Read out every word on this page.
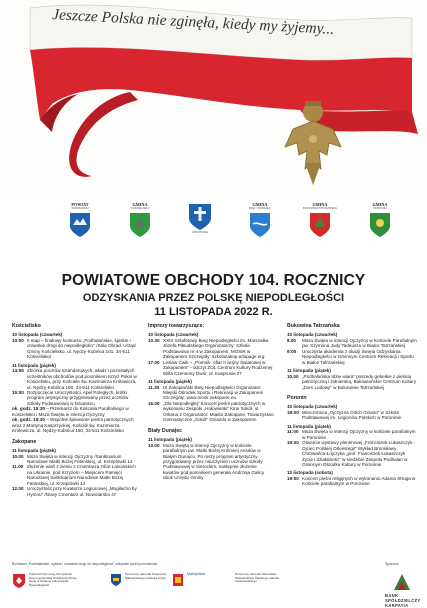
Jeszcze Polska nie zginęła, kiedy my żyjemy...
POWIAT
TATRZAŃSKI
GMINA
KOŚCIELISKO
ZAKOPIANE
GMINA
BIAŁY DUNAJEC
GMINA
BUKOWINA TATRZAŃSKA
GMINA
PORONIN
POWIATOWE OBCHODY 104. ROCZNICY
ODZYSKANIA PRZEZ POLSKĘ NIEPODLEGŁOŚCI
11 LISTOPADA 2022 R.
Kościelisko
10 listopada (czwartek)
10:00 II etap – finałowy konkursu „Podhalańskie, śpiskie i orawskie drogi do niepodległości” /Sala Obrad, Urząd Gminy Kościelisko, ul. Nędzy-Kubińca 101, 34-511 Kościelisko/
11 listopada (piątek)
14:55 Zbiórka pocztów sztandarowych, władz i pozostałych uczestników obchodów pod pomnikiem Krzyż Pokoi w Kościelisku, przy Kościele św. Kazimierza Królewicza, ul. Nędzy-Kubińca 150, 34-511 Kościelisko
15:00 Rozpoczęcie Uroczystości, Apel Poległych, krótki program artystyczny przygotowany przez uczniów Szkoły Podstawowej w Dzianiszu
ok. godz. 15:30 – Przemarsz do Kościoła Parafialnego w Kościelisku i Msza Święta w intencji Ojczyzny
ok. godz. 16:30 – Wspólne śpiewanie pieśni patriotycznych wraz z Martyną Kasprzyckiej, Kościół św. Kazimierza Królewicza, ul. Nędzy-Kubińca 150, 34-511 Kościelisko
Zakopane
11 listopada (piątek)
10.00 Msza Święta w intencji Ojczyzny /Sanktuarium Narodowe Matki Bożej Fatimskiej, ul. Krzeptówki 14
11.00 Złożenie wiań z zieniu z Cmentarza Ofiar Lanowskich na Ukrainie, pod Krzyżem – Miejscem Pamięci Narodowej Sanktuarium Narodowe Matki Bożej Fatimskiej, ul. Krzeptówki 14
12.00 Uroczystość przy Kwaterze Legionowej „Mogiłacho by Hymnu” /Nowy Cmentarz ul. Nowotarska 47
Imprezy towarzyszące:
10 listopada (czwartek)
10.30 XXIX Sztafetowy Bieg Niepodległości im. Marszałka Józefa Piłsudskiego Organizatorzy: Szkoła Podstawowa nr 4 w Zakopanem, MOSiR w Zakopanem Szczegóły: szkolazakop.edupage.org
17.00 Leslaw Ćwik – „Pomnik. ofiar II wojny Światowej w Zakopanem” - odczyt ZOL Centrum Kultury Rodzinnej Willa Czerwony Dwór, ul. Kasprusie 27
11 listopada (piątek)
11.30 IX Zakopiański Bieg Niepodległości Organizator: Miejski Ośrodek Sportu i Rekreacji w Zakopanem Szczegóły: www.mosir.zakopane.eu
16.00 „Dla Niepodległej” Koncert pieśni patriotycznych w wykonaniu Zespołu „Hołowianki” Kino Sokół, ul. Orkana 2 Organizator: Miasto Zakopane, Towarzystwo Gimnastyczne „Sokół” Gniazdo w Zakopanem
Biały Dunajec
11 listopada (piątek)
10.00 Msza Święta w intencji Ojczyzny w kościele parafialnym pw. Matki Bożej Królowej Aniołów w Białym Dunajcu. Po mszy program artystyczny przygotowany przez nauczycieli i uczniów Szkoły Podstawowej w Sierockim, następnie złożenie kwiatów pod pomnikiem generała Andrzeja Galicy obok Urzędu Gminy
Bukowina Tatrzańska
10 listopada (czwartek)
8.00	Msza Święta w intencji Ojczyzny w Kościele Parafialnym pw. Szymona Judy Tadeusza w Białce Tatrzańskiej
9:00	Uroczysta akademia z okazji Święta Odzyskania Niepodległości w Gminnym Centrum Rekreacji i Sportu w Białce Tatrzańskiej
11 listopada (piątek)
10.00 „Podhalańska Idzie wiara” poszedy gebelkie z pieśnią patriotyczną i żołnierską, Bukowiańskie Centrum Kultury „Dom Ludowy” w Bukowinie Tatrzańskiej
Poronin
10 listopada (czwartek)
18:00 Wieczornica „Ojczyzna Orlich Gniazd” w Szkole Podstawowej im. Legionów Polskich w Poroninie
11 listopada (piątek)
11:00 Msza Święta w intencji Ojczyzny w kościele parafialnym w Poroninie
19:00 Otwarcie wystawy plenerowej „Franciszek Łukaszczyk - Ojciec Polskiej Orkiestegi!” Wykład Bronisławy Chrowańca-Łojczyka „prof. Franciszek Łukaszczyk Życie i działalność” w siedzibie Zespołu Podhalan w Gminnym Ośrodku Kultury w Poroninie
12 listopada (sobota)
19:00 Koncert pieśni religijnych w wykonaniu Adama Struga w Kościele parafialnym w Poroninie
Bonifaces „Podhalańskie, śpiskie i orawskie drogi do niepodległości” odbędzie przed pomnikowie.	Sponsor:
Patronat Honorowy Prezydenta Rzeczypospolitej Polskiej Andrzeja Dudy w Stulecie Odzyskania Niepodległości
Honorowy patronat Wojewody Małopolskiego Łukasza Kmity
Małopolska	Honorowy patronat Marszałka Województwa Śląskiego Jakuba Chełstowskiego
BANK SPÓŁDZIELCZY KARPATIA
